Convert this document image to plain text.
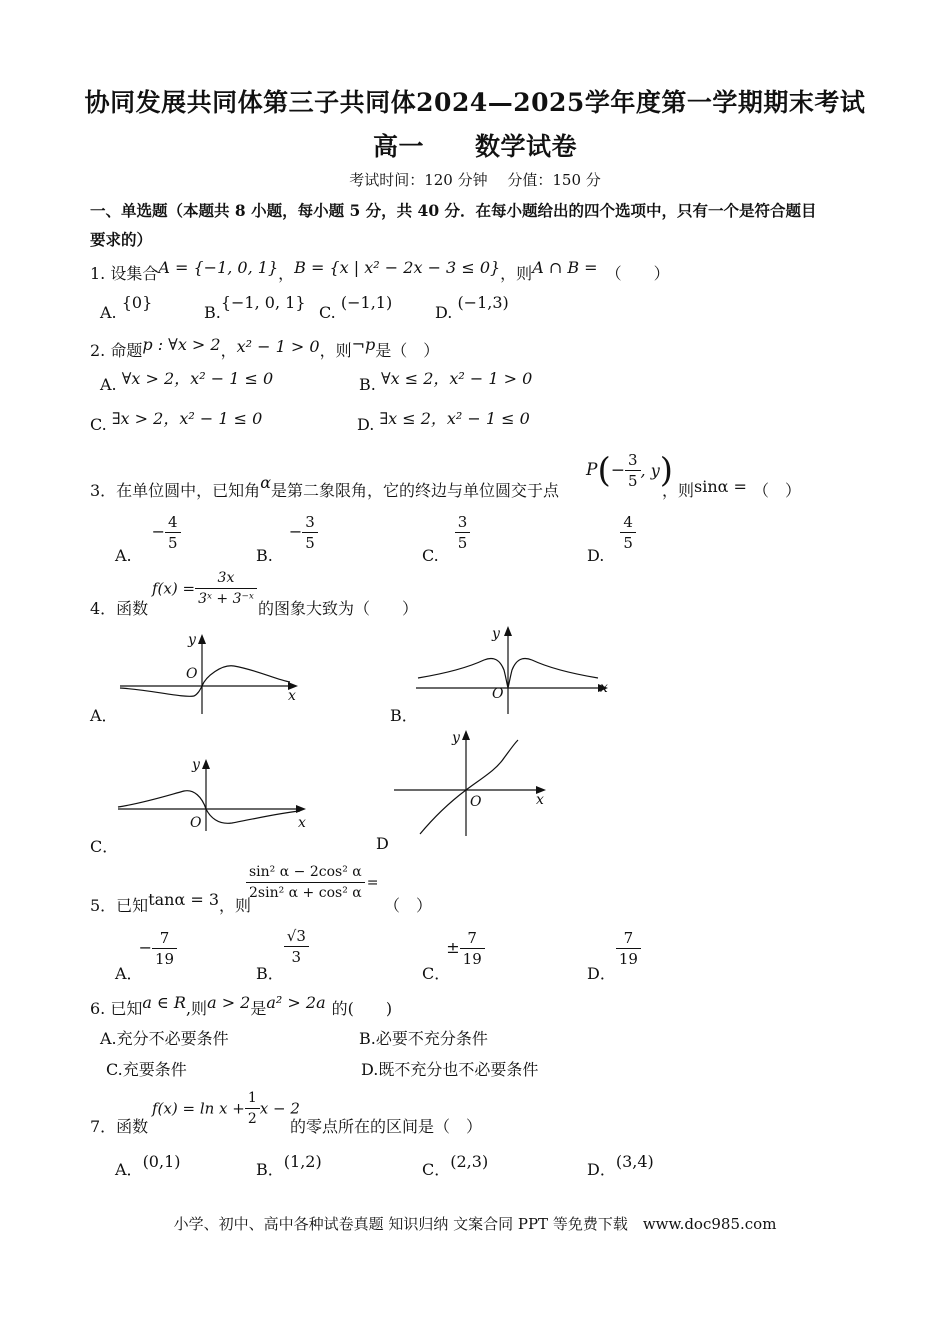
协同发展共同体第三子共同体2024—2025学年度第一学期期末考试
高一　　数学试卷
考试时间：120 分钟　 分值：150 分
一、单选题（本题共 8 小题，每小题 5 分，共 40 分．在每小题给出的四个选项中，只有一个是符合题目
要求的）
1. 设集合A = {−1, 0, 1}，B = {x | x² − 2x − 3 ≤ 0}，则A ∩ B = （　　）
A. {0}
B.{−1, 0, 1}
C. (−1,1)
D. (−1,3)
2. 命题p : ∀x > 2，x² − 1 > 0，则¬p是（　）
A. ∀x > 2，x² − 1 ≤ 0	B. ∀x ≤ 2，x² − 1 > 0
C. ∃x > 2，x² − 1 ≤ 0	D. ∃x ≤ 2，x² − 1 ≤ 0
3．在单位圆中，已知角α是第二象限角，它的终边与单位圆交于点
$P(- \frac{3}{5}$ , y)
，则sinα = （　）
$A.- \frac{4}{5}$
$B.- \frac{3}{5}$
C.
$\frac{3}{5}$
D.
$\frac{4}{5}$
4．函数
$f(x) = \frac{3x}{\text{3ˣ + 3⁻ˣ}}$ 的图象大致为（　　）
y
O
x
A．
y
O	x
B．
y
O	x
C．
y
O	x
D
5．已知tanα = 3，则
$\frac{\text{sin² α − 2cos² α}}{\text{2sin² α + cos² α}}$ =
（　）
A．− $\frac{7}{19}$
B．
$\frac{√3}{3}$
C．± $\frac{7}{19}$
D．
$\frac{7}{19}$
6. 已知a ∈ R,则a > 2是a² > 2a 的(　　)
A.充分不必要条件	B.必要不充分条件
C.充要条件	D.既不充分也不必要条件
7．函数
$f(x) = \ln x + \frac{1}{2}$ x − 2
的零点所在的区间是（　）
A．(0,1)	B．(1,2)	C．(2,3)	D．(3,4)
小学、初中、高中各种试卷真题 知识归纳 文案合同 PPT 等免费下载　www.doc985.com
